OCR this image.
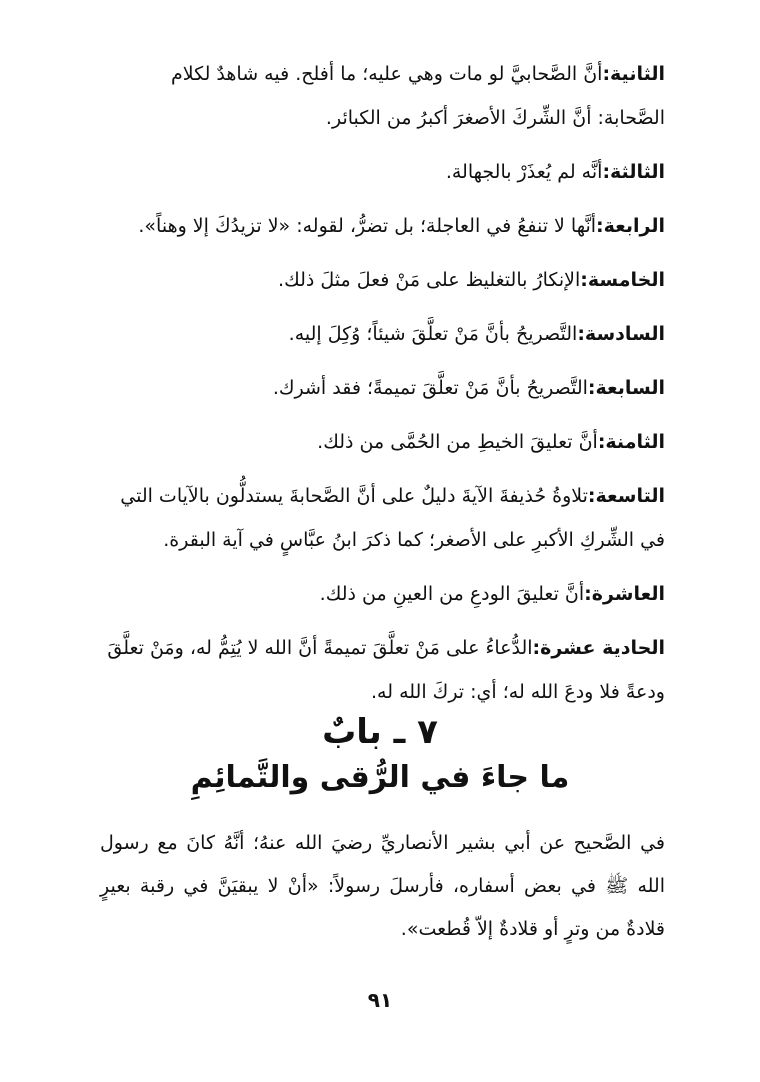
الثانية:أنَّ الصَّحابيَّ لو مات وهي عليه؛ ما أفلح. فيه شاهدٌ لكلام الصَّحابة: أنَّ الشِّركَ الأصغرَ أكبرُ من الكبائر.

الثالثة:أنَّه لم يُعذَرْ بالجهالة.

الرابعة:أنَّها لا تنفعُ في العاجلة؛ بل تضرُّ، لقوله: «لا تزيدُكَ إلا وهناً».

الخامسة:الإنكارُ بالتغليظ على مَنْ فعلَ مثلَ ذلك.

السادسة:التَّصريحُ بأنَّ مَنْ تعلَّقَ شيئاً؛ وُكِلَ إليه.

السابعة:التَّصريحُ بأنَّ مَنْ تعلَّقَ تميمةً؛ فقد أشرك.

الثامنة:أنَّ تعليقَ الخيطِ من الحُمَّى من ذلك.

التاسعة:تلاوةُ حُذيفةَ الآيةَ دليلٌ على أنَّ الصَّحابةَ يستدلُّون بالآيات التي في الشِّركِ الأكبرِ على الأصغر؛ كما ذكرَ ابنُ عبَّاسٍ في آية البقرة.

العاشرة:أنَّ تعليقَ الودعِ من العينِ من ذلك.

الحادية عشرة:الدُّعاءُ على مَنْ تعلَّقَ تميمةً أنَّ الله لا يُتِمُّ له، ومَنْ تعلَّقَ ودعةً فلا ودعَ الله له؛ أي: تركَ الله له.

٧ ـ بابٌ
ما جاءَ في الرُّقى والتَّمائِمِ
في الصَّحيح عن أبي بشير الأنصاريِّ رضيَ الله عنهُ؛ أنَّهُ كانَ مع رسول الله ﷺ في بعض أسفاره، فأرسلَ رسولاً: «أنْ لا يبقيَنَّ في رقبة بعيرٍ قلادةٌ من وترٍ أو قلادةٌ إلاّ قُطعت».
٩١
